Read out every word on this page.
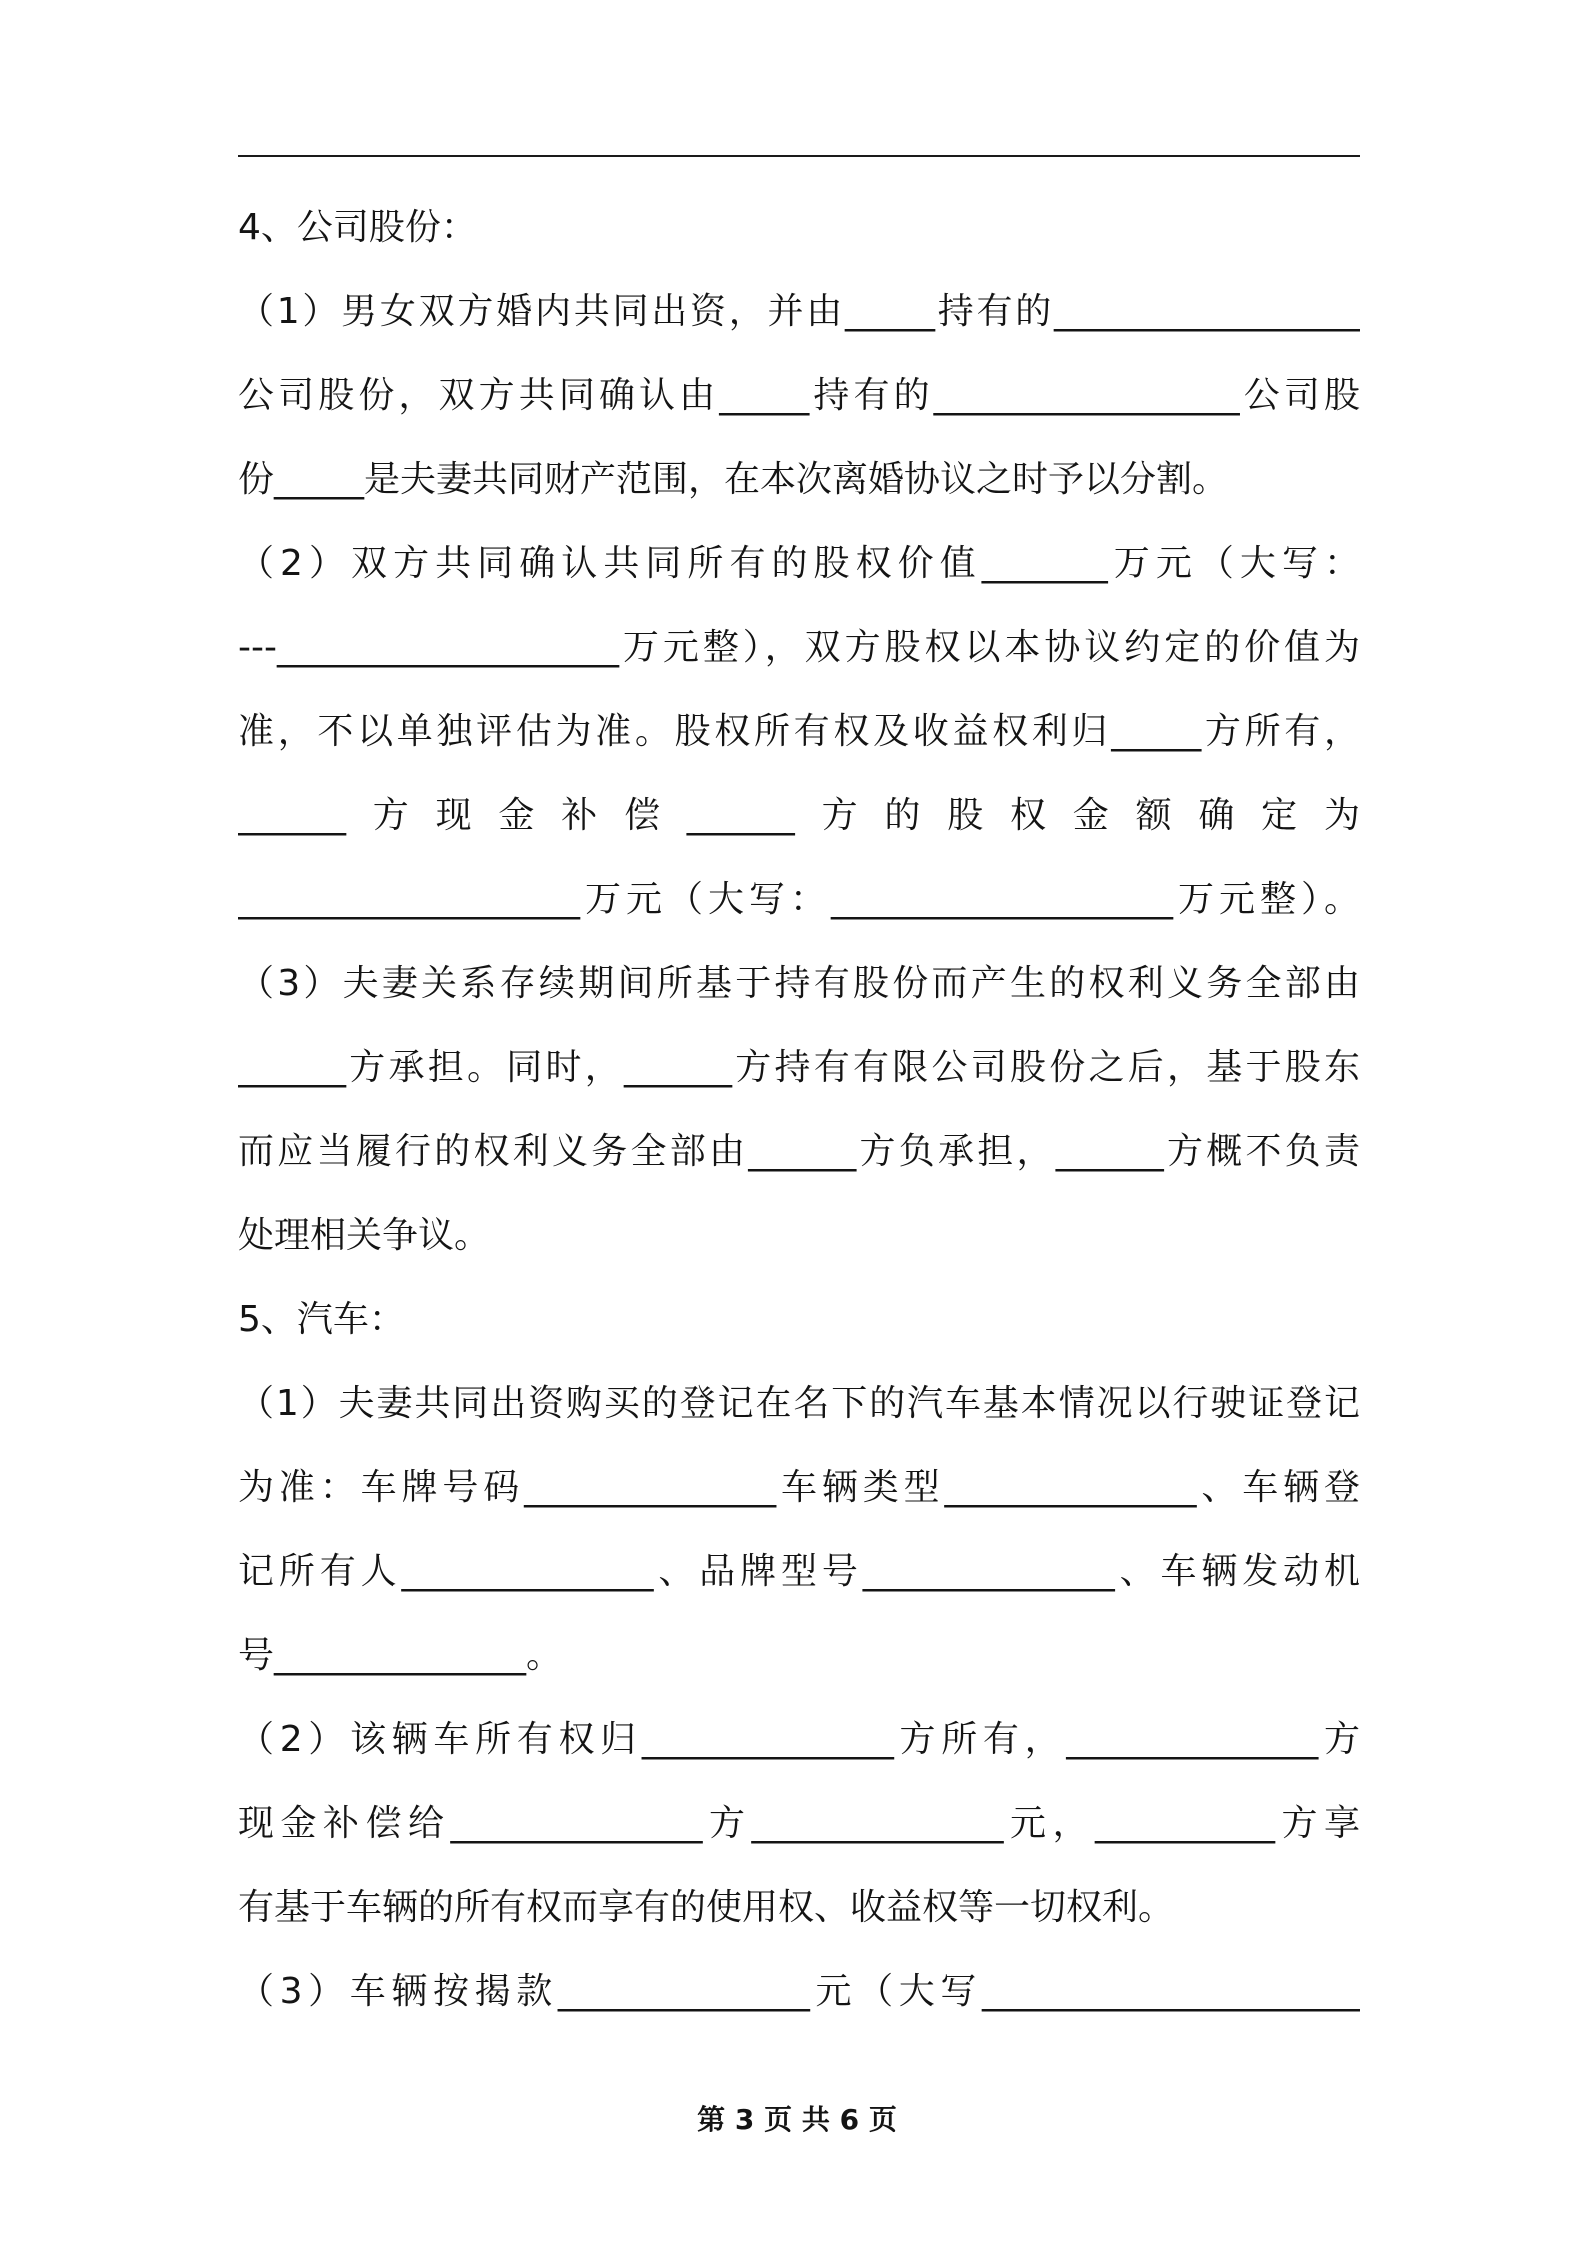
4、公司股份：
（1）男女双方婚内共同出资，并由_____持有的_________________
公司股份，双方共同确认由_____持有的_________________公司股
份_____是夫妻共同财产范围，在本次离婚协议之时予以分割。
（2）双方共同确认共同所有的股权价值_______万元（大写：
---___________________万元整），双方股权以本协议约定的价值为
准，不以单独评估为准。股权所有权及收益权利归_____方所有，
______方现金补偿______方的股权金额确定为
___________________万元（大写：___________________万元整）。
（3）夫妻关系存续期间所基于持有股份而产生的权利义务全部由
______方承担。同时，______方持有有限公司股份之后，基于股东
而应当履行的权利义务全部由______方负承担，______方概不负责
处理相关争议。
5、汽车：
（1）夫妻共同出资购买的登记在名下的汽车基本情况以行驶证登记
为准：车牌号码______________车辆类型______________、车辆登
记所有人______________、品牌型号______________、车辆发动机
号______________。
（2）该辆车所有权归______________方所有，______________方
现金补偿给______________方______________元，__________方享
有基于车辆的所有权而享有的使用权、收益权等一切权利。
（3）车辆按揭款______________元（大写_____________________
第 3 页 共 6 页
